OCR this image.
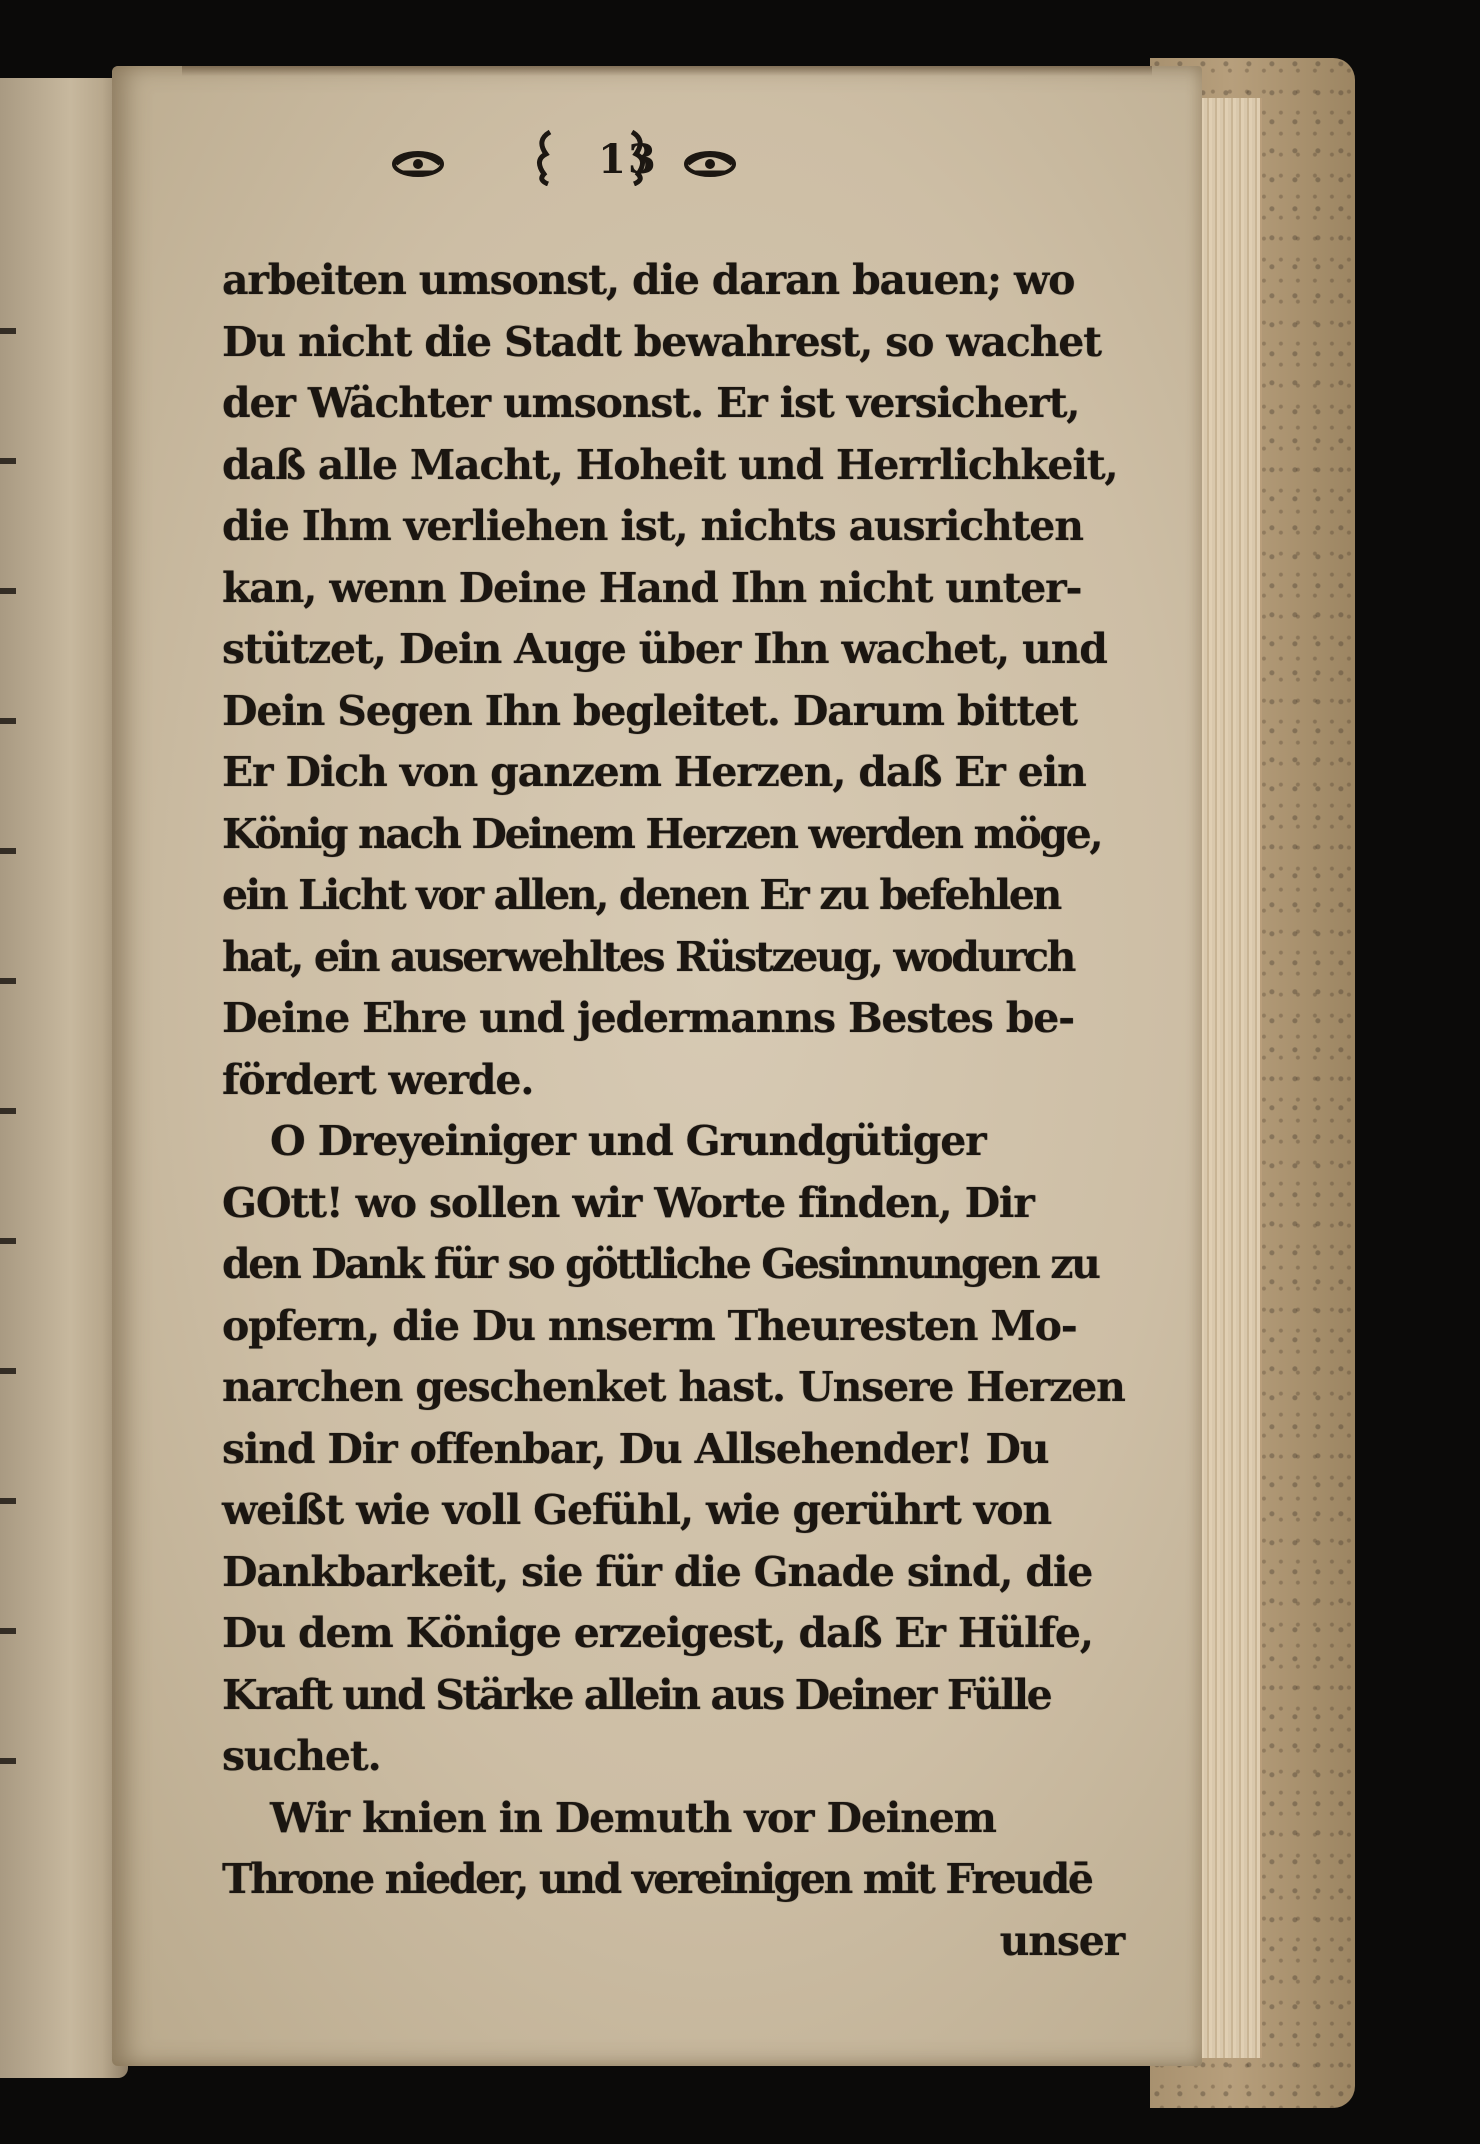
13
arbeiten umsonst, die daran bauen; wo
Du nicht die Stadt bewahrest, so wachet
der Wächter umsonst. Er ist versichert,
daß alle Macht, Hoheit und Herrlichkeit,
die Ihm verliehen ist, nichts ausrichten
kan, wenn Deine Hand Ihn nicht unter-
stützet, Dein Auge über Ihn wachet, und
Dein Segen Ihn begleitet. Darum bittet
Er Dich von ganzem Herzen, daß Er ein
König nach Deinem Herzen werden möge,
ein Licht vor allen, denen Er zu befehlen
hat, ein auserwehltes Rüstzeug, wodurch
Deine Ehre und jedermanns Bestes be-
fördert werde.
O Dreyeiniger und Grundgütiger
GOtt! wo sollen wir Worte finden, Dir
den Dank für so göttliche Gesinnungen zu
opfern, die Du nnserm Theuresten Mo-
narchen geschenket hast. Unsere Herzen
sind Dir offenbar, Du Allsehender! Du
weißt wie voll Gefühl, wie gerührt von
Dankbarkeit, sie für die Gnade sind, die
Du dem Könige erzeigest, daß Er Hülfe,
Kraft und Stärke allein aus Deiner Fülle
suchet.
Wir knien in Demuth vor Deinem
Throne nieder, und vereinigen mit Freudē
unser
